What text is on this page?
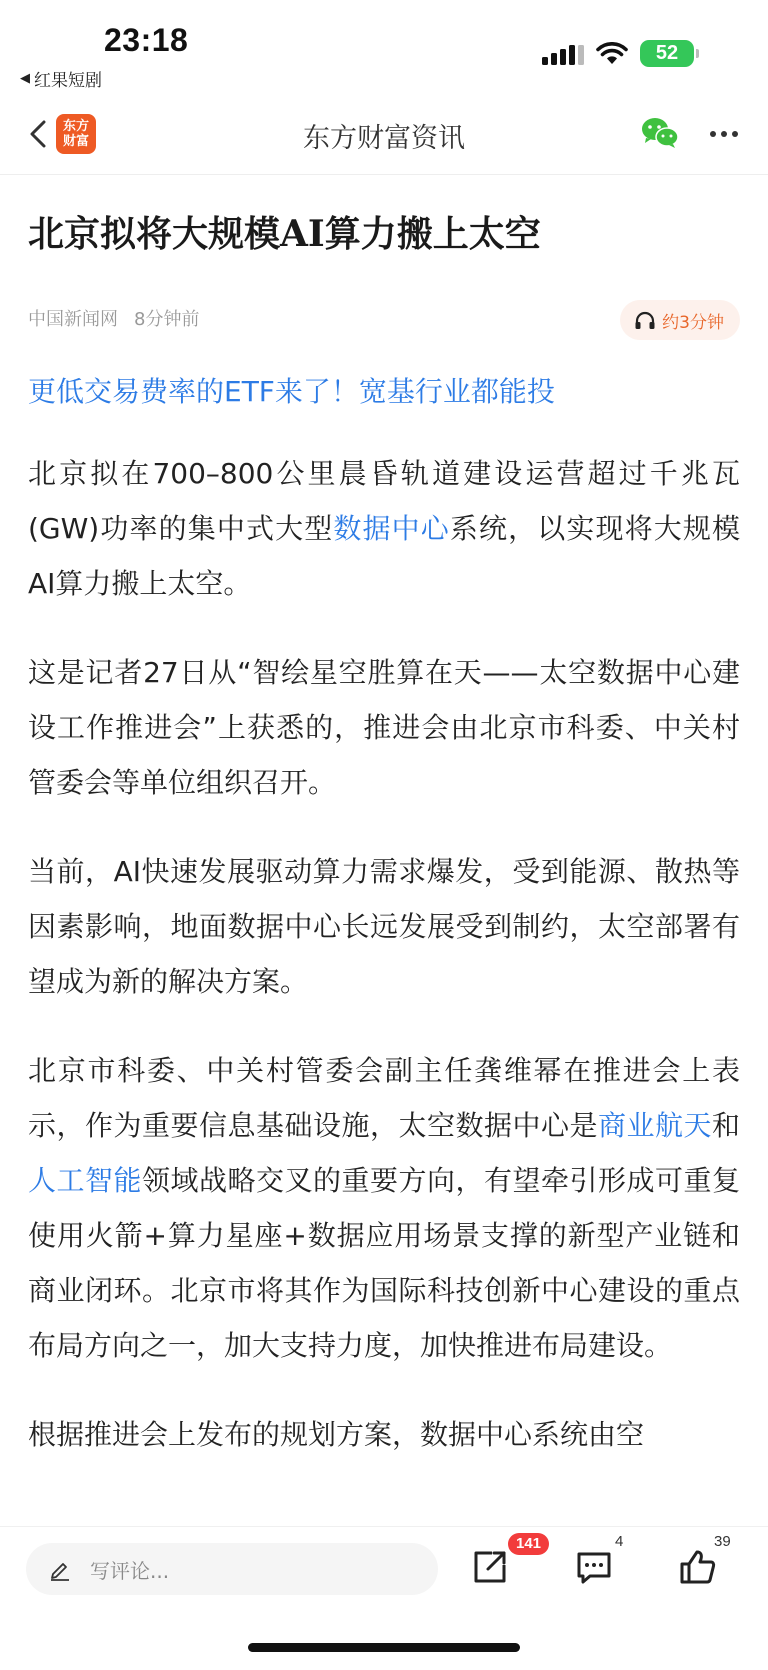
23:18
◀ 红果短剧
52
东方
财富	东方财富资讯
北京拟将大规模AI算力搬上太空
中国新闻网 8分钟前	约3分钟
更低交易费率的ETF来了！宽基行业都能投

北京拟在700–800公里晨昏轨道建设运营超过千兆瓦(GW)功率的集中式大型数据中心系统，以实现将大规模AI算力搬上太空。

这是记者27日从“智绘星空胜算在天——太空数据中心建设工作推进会”上获悉的，推进会由北京市科委、中关村管委会等单位组织召开。

当前，AI快速发展驱动算力需求爆发，受到能源、散热等因素影响，地面数据中心长远发展受到制约，太空部署有望成为新的解决方案。

北京市科委、中关村管委会副主任龚维幂在推进会上表示，作为重要信息基础设施，太空数据中心是商业航天和人工智能领域战略交叉的重要方向，有望牵引形成可重复使用火箭+算力星座+数据应用场景支撑的新型产业链和商业闭环。北京市将其作为国际科技创新中心建设的重点布局方向之一，加大支持力度，加快推进布局建设。

根据推进会上发布的规划方案，数据中心系统由空

写评论...
141	4	39
